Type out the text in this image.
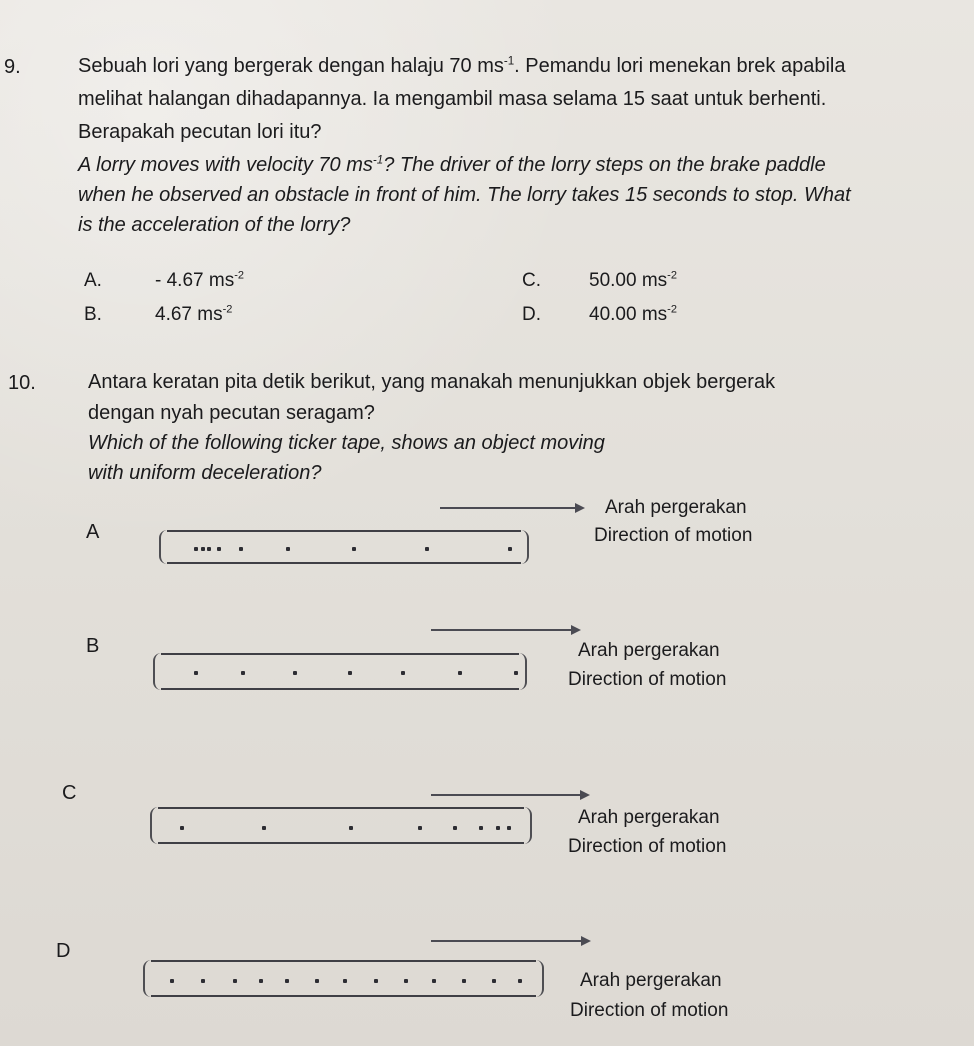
9.	Sebuah lori yang bergerak dengan halaju 70 $ms^{-1}$. Pemandu lori menekan brek apabila
melihat halangan dihadapannya. Ia mengambil masa selama 15 saat untuk berhenti.
Berapakah pecutan lori itu?
A lorry moves with velocity 70 $ms^{-1}$? The driver of the lorry steps on the brake paddle
when he observed an obstacle in front of him. The lorry takes 15 seconds to stop. What
is the acceleration of the lorry?
A.	- 4.67 $ms^{-2}$
B.	4.67 $ms^{-2}$
C.	50.00 $ms^{-2}$
D.	40.00 $ms^{-2}$
10.	Antara keratan pita detik berikut, yang manakah menunjukkan objek bergerak
dengan nyah pecutan seragam?
Which of the following ticker tape, shows an object moving
with uniform deceleration?
A
Arah pergerakan
Direction of motion
B	Arah pergerakan
Direction of motion
C
Arah pergerakan
Direction of motion
D
Arah pergerakan
Direction of motion
